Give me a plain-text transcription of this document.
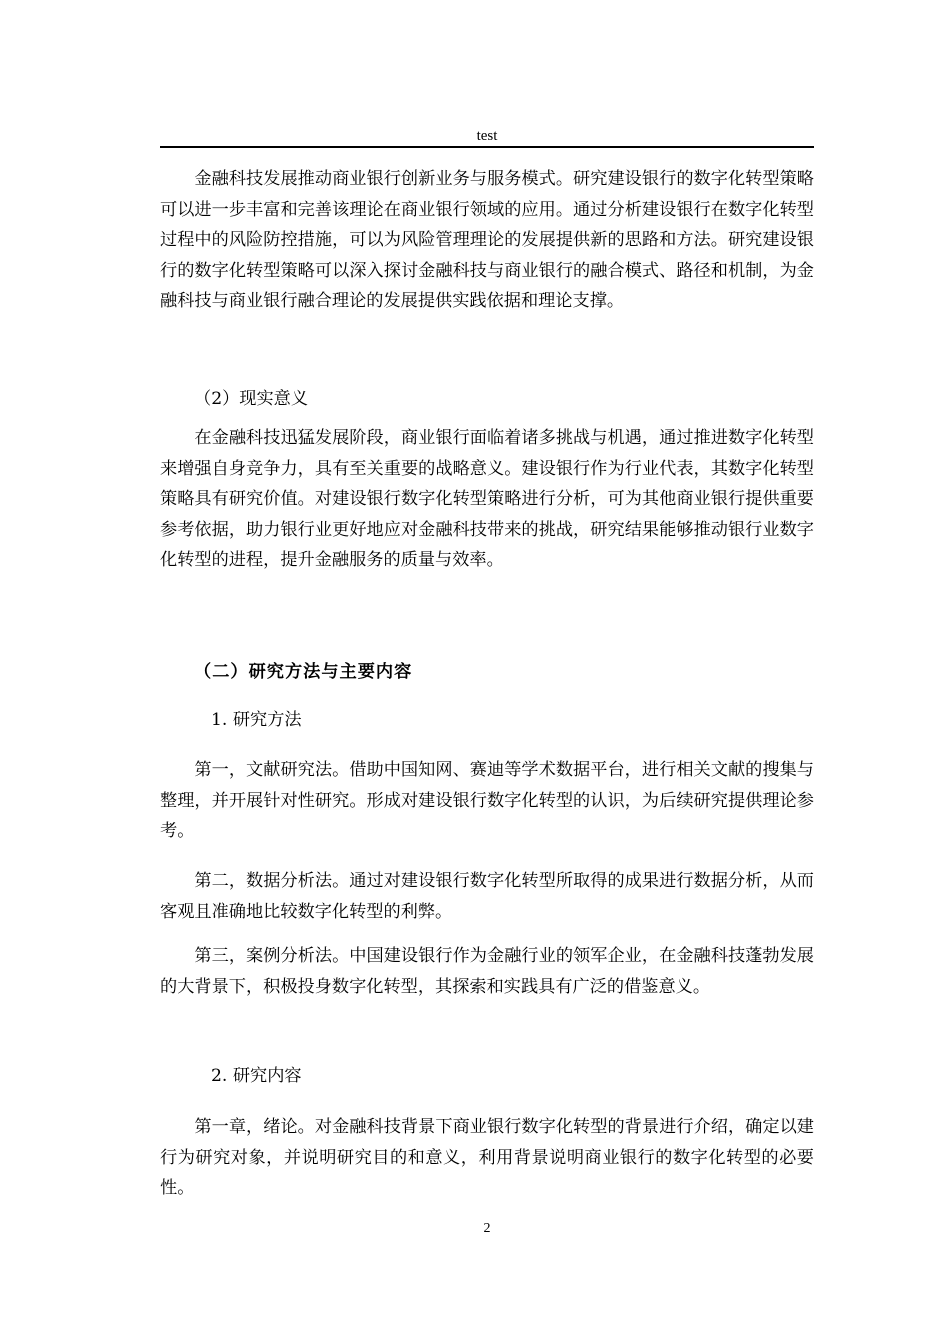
test

金融科技发展推动商业银行创新业务与服务模式。研究建设银行的数字化转型策略可以进一步丰富和完善该理论在商业银行领域的应用。通过分析建设银行在数字化转型过程中的风险防控措施，可以为风险管理理论的发展提供新的思路和方法。研究建设银行的数字化转型策略可以深入探讨金融科技与商业银行的融合模式、路径和机制，为金融科技与商业银行融合理论的发展提供实践依据和理论支撑。

（2）现实意义

在金融科技迅猛发展阶段，商业银行面临着诸多挑战与机遇，通过推进数字化转型来增强自身竞争力，具有至关重要的战略意义。建设银行作为行业代表，其数字化转型策略具有研究价值。对建设银行数字化转型策略进行分析，可为其他商业银行提供重要参考依据，助力银行业更好地应对金融科技带来的挑战，研究结果能够推动银行业数字化转型的进程，提升金融服务的质量与效率。

（二）研究方法与主要内容

1. 研究方法

第一，文献研究法。借助中国知网、赛迪等学术数据平台，进行相关文献的搜集与整理，并开展针对性研究。形成对建设银行数字化转型的认识，为后续研究提供理论参考。

第二，数据分析法。通过对建设银行数字化转型所取得的成果进行数据分析，从而客观且准确地比较数字化转型的利弊。

第三，案例分析法。中国建设银行作为金融行业的领军企业，在金融科技蓬勃发展的大背景下，积极投身数字化转型，其探索和实践具有广泛的借鉴意义。

2. 研究内容

第一章，绪论。对金融科技背景下商业银行数字化转型的背景进行介绍，确定以建行为研究对象，并说明研究目的和意义，利用背景说明商业银行的数字化转型的必要性。

2
